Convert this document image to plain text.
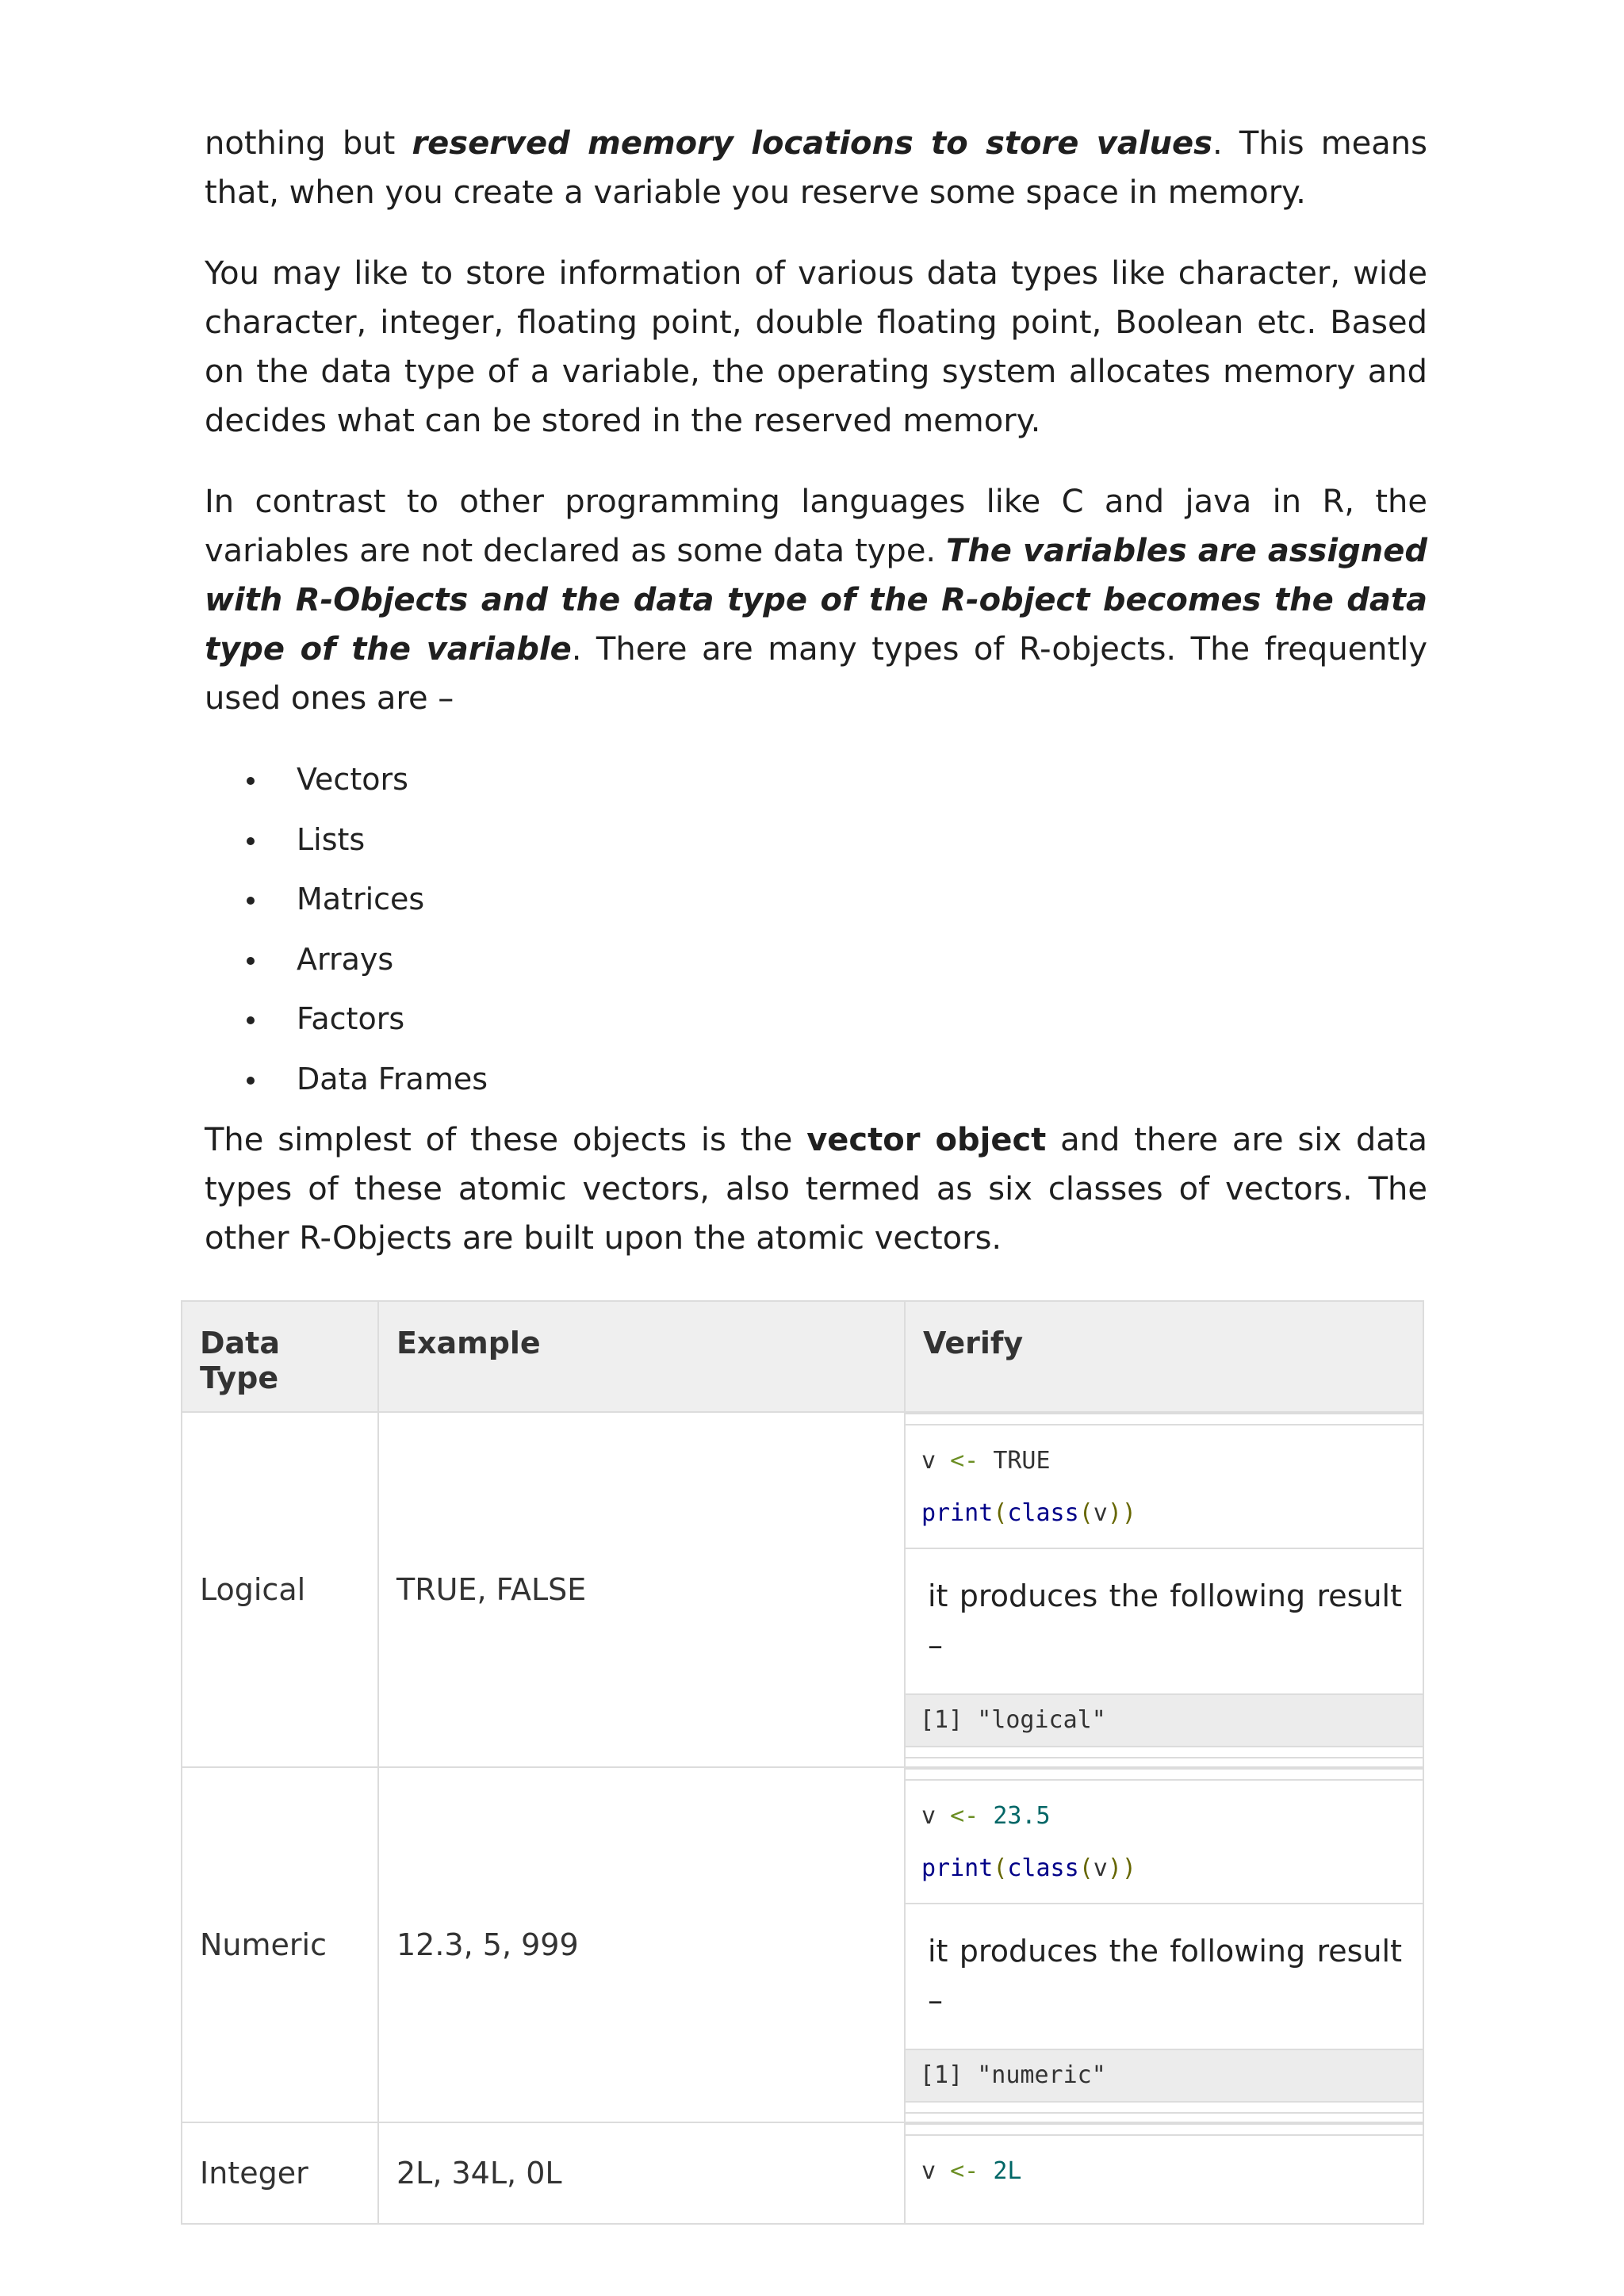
nothing but reserved memory locations to store values. This means that, when you create a variable you reserve some space in memory.

You may like to store information of various data types like character, wide character, integer, floating point, double floating point, Boolean etc. Based on the data type of a variable, the operating system allocates memory and decides what can be stored in the reserved memory.

In contrast to other programming languages like C and java in R, the variables are not declared as some data type. The variables are assigned with R-Objects and the data type of the R-object becomes the data type of the variable. There are many types of R-objects. The frequently used ones are –

Vectors
Lists
Matrices
Arrays
Factors
Data Frames

The simplest of these objects is the vector object and there are six data types of these atomic vectors, also termed as six classes of vectors. The other R-Objects are built upon the atomic vectors.

Data Type	Example	Verify
Logical	TRUE, FALSE	v <- TRUE
print(class(v))
it produces the following result –
[1] "logical"

Numeric	12.3, 5, 999	v <- 23.5
print(class(v))
it produces the following result –
[1] "numeric"

Integer	2L, 34L, 0L	v <- 2L
